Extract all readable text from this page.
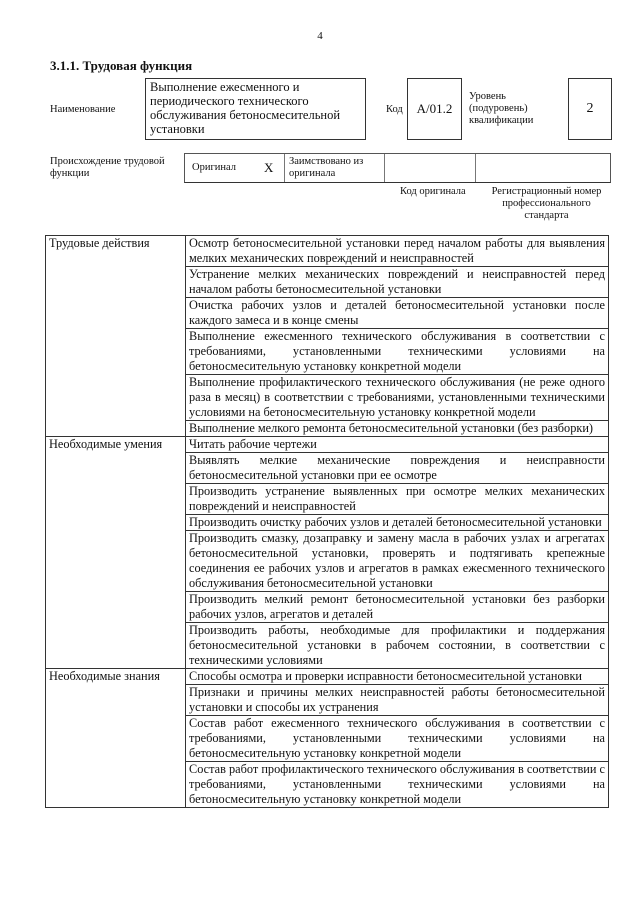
4
3.1.1. Трудовая функция
Наименование
Выполнение ежесменного и периодического технического обслуживания бетоносмесительной установки
Код	А/01.2
Уровень (подуровень) квалификации
2
Происхождение трудовой функции
Оригинал X	Заимствовано из оригинала
Код оригинала	Регистрационный номер профессионального стандарта
Трудовые действия	Осмотр бетоносмесительной установки перед началом работы для выявления мелких механических повреждений и неисправностей
	Устранение мелких механических повреждений и неисправностей перед началом работы бетоносмесительной установки
	Очистка рабочих узлов и деталей бетоносмесительной установки после каждого замеса и в конце смены
	Выполнение ежесменного технического обслуживания в соответствии с требованиями, установленными техническими условиями на бетоносмесительную установку конкретной модели
	Выполнение профилактического технического обслуживания (не реже одного раза в месяц) в соответствии с требованиями, установленными техническими условиями на бетоносмесительную установку конкретной модели
	Выполнение мелкого ремонта бетоносмесительной установки (без разборки)
Необходимые умения	Читать рабочие чертежи
	Выявлять мелкие механические повреждения и неисправности бетоносмесительной установки при ее осмотре
	Производить устранение выявленных при осмотре мелких механических повреждений и неисправностей
	Производить очистку рабочих узлов и деталей бетоносмесительной установки
	Производить смазку, дозаправку и замену масла в рабочих узлах и агрегатах бетоносмесительной установки, проверять и подтягивать крепежные соединения ее рабочих узлов и агрегатов в рамках ежесменного технического обслуживания бетоносмесительной установки
	Производить мелкий ремонт бетоносмесительной установки без разборки рабочих узлов, агрегатов и деталей
	Производить работы, необходимые для профилактики и поддержания бетоносмесительной установки в рабочем состоянии, в соответствии с техническими условиями
Необходимые знания	Способы осмотра и проверки исправности бетоносмесительной установки
	Признаки и причины мелких неисправностей работы бетоносмесительной установки и способы их устранения
	Состав работ ежесменного технического обслуживания в соответствии с требованиями, установленными техническими условиями на бетоносмесительную установку конкретной модели
	Состав работ профилактического технического обслуживания в соответствии с требованиями, установленными техническими условиями на бетоносмесительную установку конкретной модели
